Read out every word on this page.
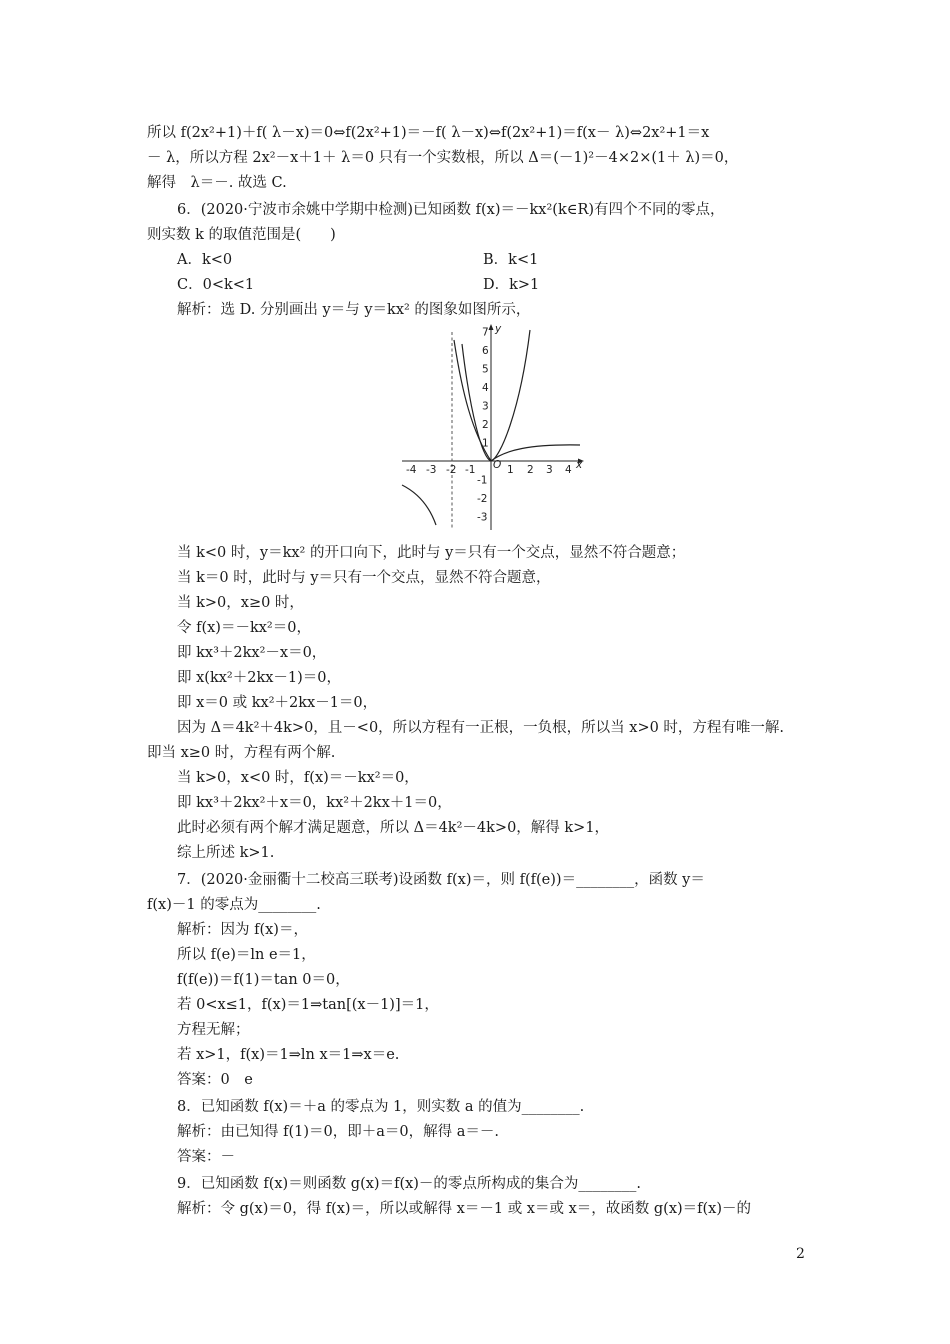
所以 f(2x²+1)＋f( λ－x)＝0⇔f(2x²+1)＝－f( λ－x)⇔f(2x²+1)＝f(x－ λ)⇔2x²+1＝x
－ λ，所以方程 2x²－x＋1＋ λ＝0 只有一个实数根，所以 Δ＝(－1)²－4×2×(1＋ λ)＝0，
解得　λ＝－. 故选 C.
6．(2020·宁波市余姚中学期中检测)已知函数 f(x)＝－kx²(k∈R)有四个不同的零点，
则实数 k 的取值范围是(　　)
A．k<0	B．k<1
C．0<k<1	D．k>1
解析：选 D. 分别画出 y＝与 y＝kx² 的图象如图所示，
当 k<0 时，y＝kx² 的开口向下，此时与 y＝只有一个交点，显然不符合题意；
当 k＝0 时，此时与 y＝只有一个交点，显然不符合题意，
当 k>0，x≥0 时，
令 f(x)＝－kx²＝0，
即 kx³＋2kx²－x＝0，
即 x(kx²＋2kx－1)＝0，
即 x＝0 或 kx²＋2kx－1＝0，
因为 Δ＝4k²＋4k>0，且－<0，所以方程有一正根，一负根，所以当 x>0 时，方程有唯一解.
即当 x≥0 时，方程有两个解.
当 k>0，x<0 时，f(x)＝－kx²＝0，
即 kx³＋2kx²＋x＝0，kx²＋2kx＋1＝0，
此时必须有两个解才满足题意，所以 Δ＝4k²－4k>0，解得 k>1，
综上所述 k>1.
7．(2020·金丽衢十二校高三联考)设函数 f(x)＝，则 f(f(e))＝________，函数 y＝
f(x)－1 的零点为________.
解析：因为 f(x)＝，
所以 f(e)＝ln e＝1，
f(f(e))＝f(1)＝tan 0＝0，
若 0<x≤1，f(x)＝1⇒tan[(x－1)]＝1，
方程无解；
若 x>1，f(x)＝1⇒ln x＝1⇒x＝e.
答案：0　e
8．已知函数 f(x)＝＋a 的零点为 1，则实数 a 的值为________.
解析：由已知得 f(1)＝0，即＋a＝0，解得 a＝－.
答案：－
9．已知函数 f(x)＝则函数 g(x)＝f(x)－的零点所构成的集合为________.
解析：令 g(x)＝0，得 f(x)＝，所以或解得 x＝－1 或 x＝或 x＝，故函数 g(x)＝f(x)－的
-4 -3 -2 -1	1 2 3 4
7
6
5
4
3
2
1
-1
-2
-3
O	x
y
2
